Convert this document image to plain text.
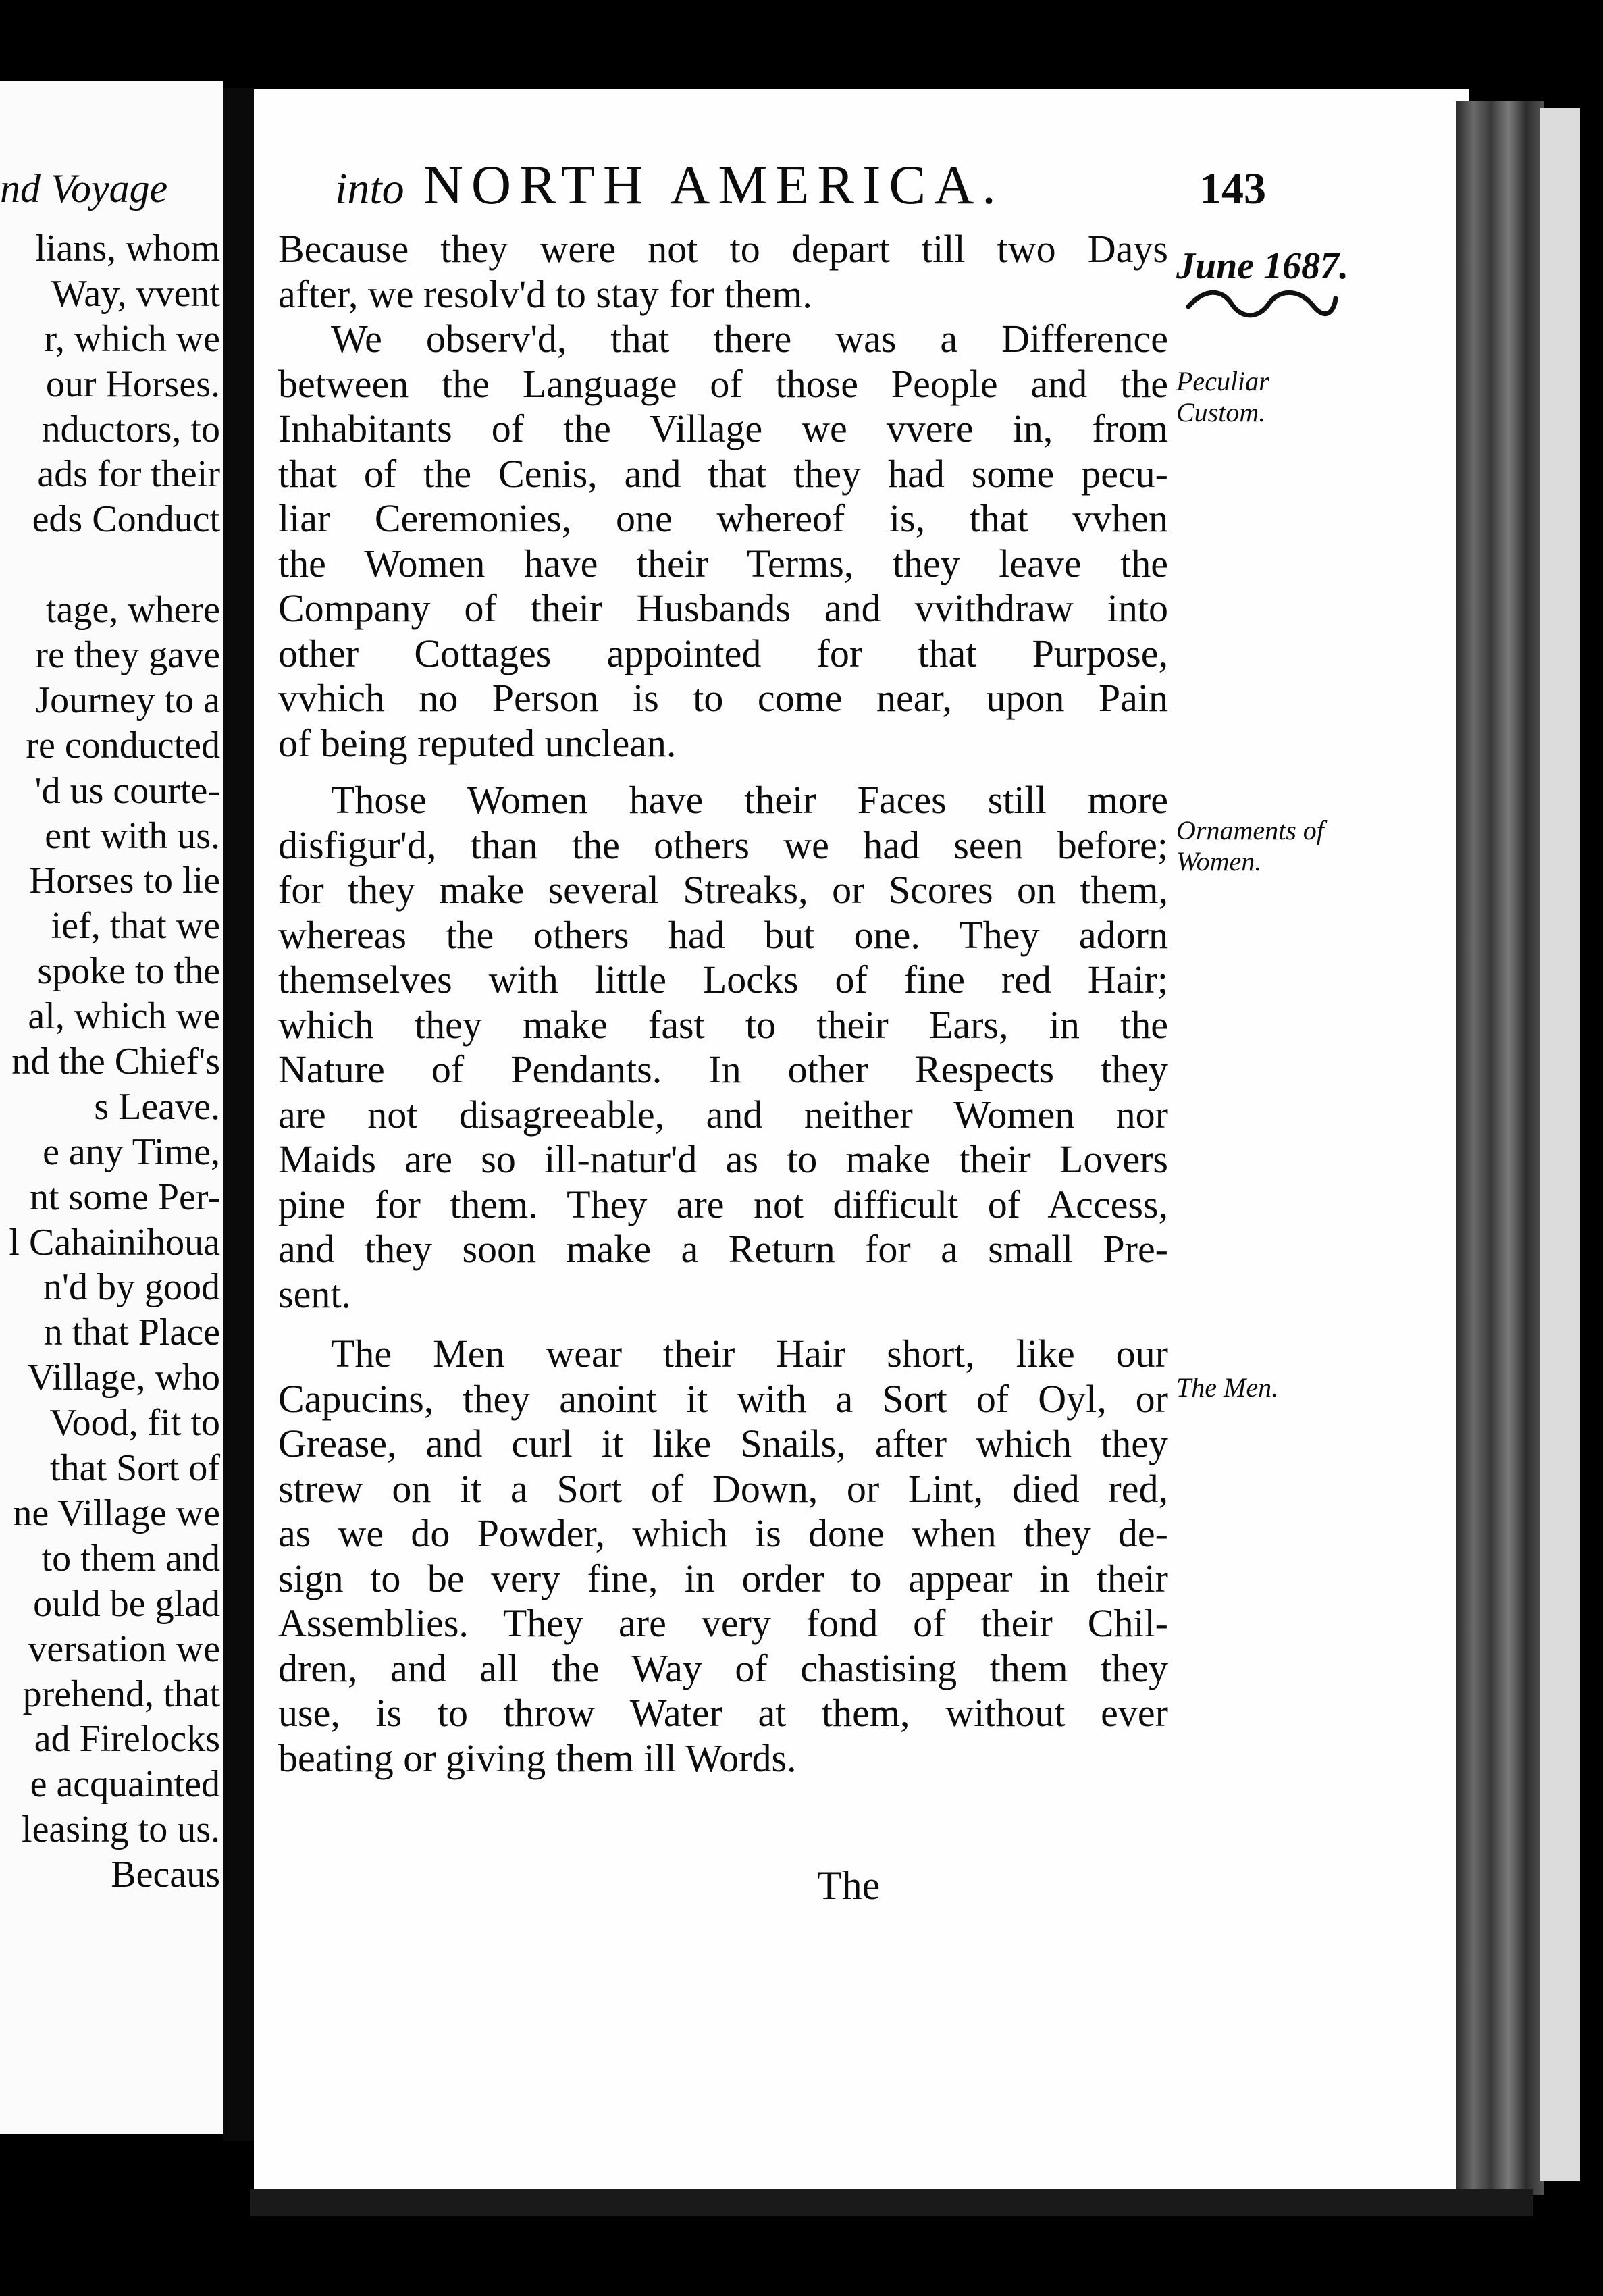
nd Voyage
lians, whom
Way, vvent
r, which we
our Horses.
nductors, to
ads for their
eds Conduct
tage, where
re they gave
Journey to a
re conducted
'd us courte-
ent with us.
Horses to lie
ief, that we
spoke to the
al, which we
nd the Chief's
s Leave.
e any Time,
nt some Per-
l Cahainihoua
n'd by good
n that Place
Village, who
Vood, fit to
that Sort of
ne Village we
to them and
ould be glad
versation we
prehend, that
ad Firelocks
e acquainted
leasing to us.
Becaus
into NORTH AMERICA.	143
June 1687.
Peculiar Custom.
Ornaments of Women.
The Men.
Because they were not to depart till two Days
after, we resolv'd to stay for them.
We observ'd, that there was a Difference
between the Language of those People and the
Inhabitants of the Village we vvere in, from
that of the Cenis, and that they had some pecu-
liar Ceremonies, one whereof is, that vvhen
the Women have their Terms, they leave the
Company of their Husbands and vvithdraw into
other Cottages appointed for that Purpose,
vvhich no Person is to come near, upon Pain
of being reputed unclean.
Those Women have their Faces still more
disfigur'd, than the others we had seen before;
for they make several Streaks, or Scores on them,
whereas the others had but one. They adorn
themselves with little Locks of fine red Hair;
which they make fast to their Ears, in the
Nature of Pendants. In other Respects they
are not disagreeable, and neither Women nor
Maids are so ill-natur'd as to make their Lovers
pine for them. They are not difficult of Access,
and they soon make a Return for a small Pre-
sent.
The Men wear their Hair short, like our
Capucins, they anoint it with a Sort of Oyl, or
Grease, and curl it like Snails, after which they
strew on it a Sort of Down, or Lint, died red,
as we do Powder, which is done when they de-
sign to be very fine, in order to appear in their
Assemblies. They are very fond of their Chil-
dren, and all the Way of chastising them they
use, is to throw Water at them, without ever
beating or giving them ill Words.
The
